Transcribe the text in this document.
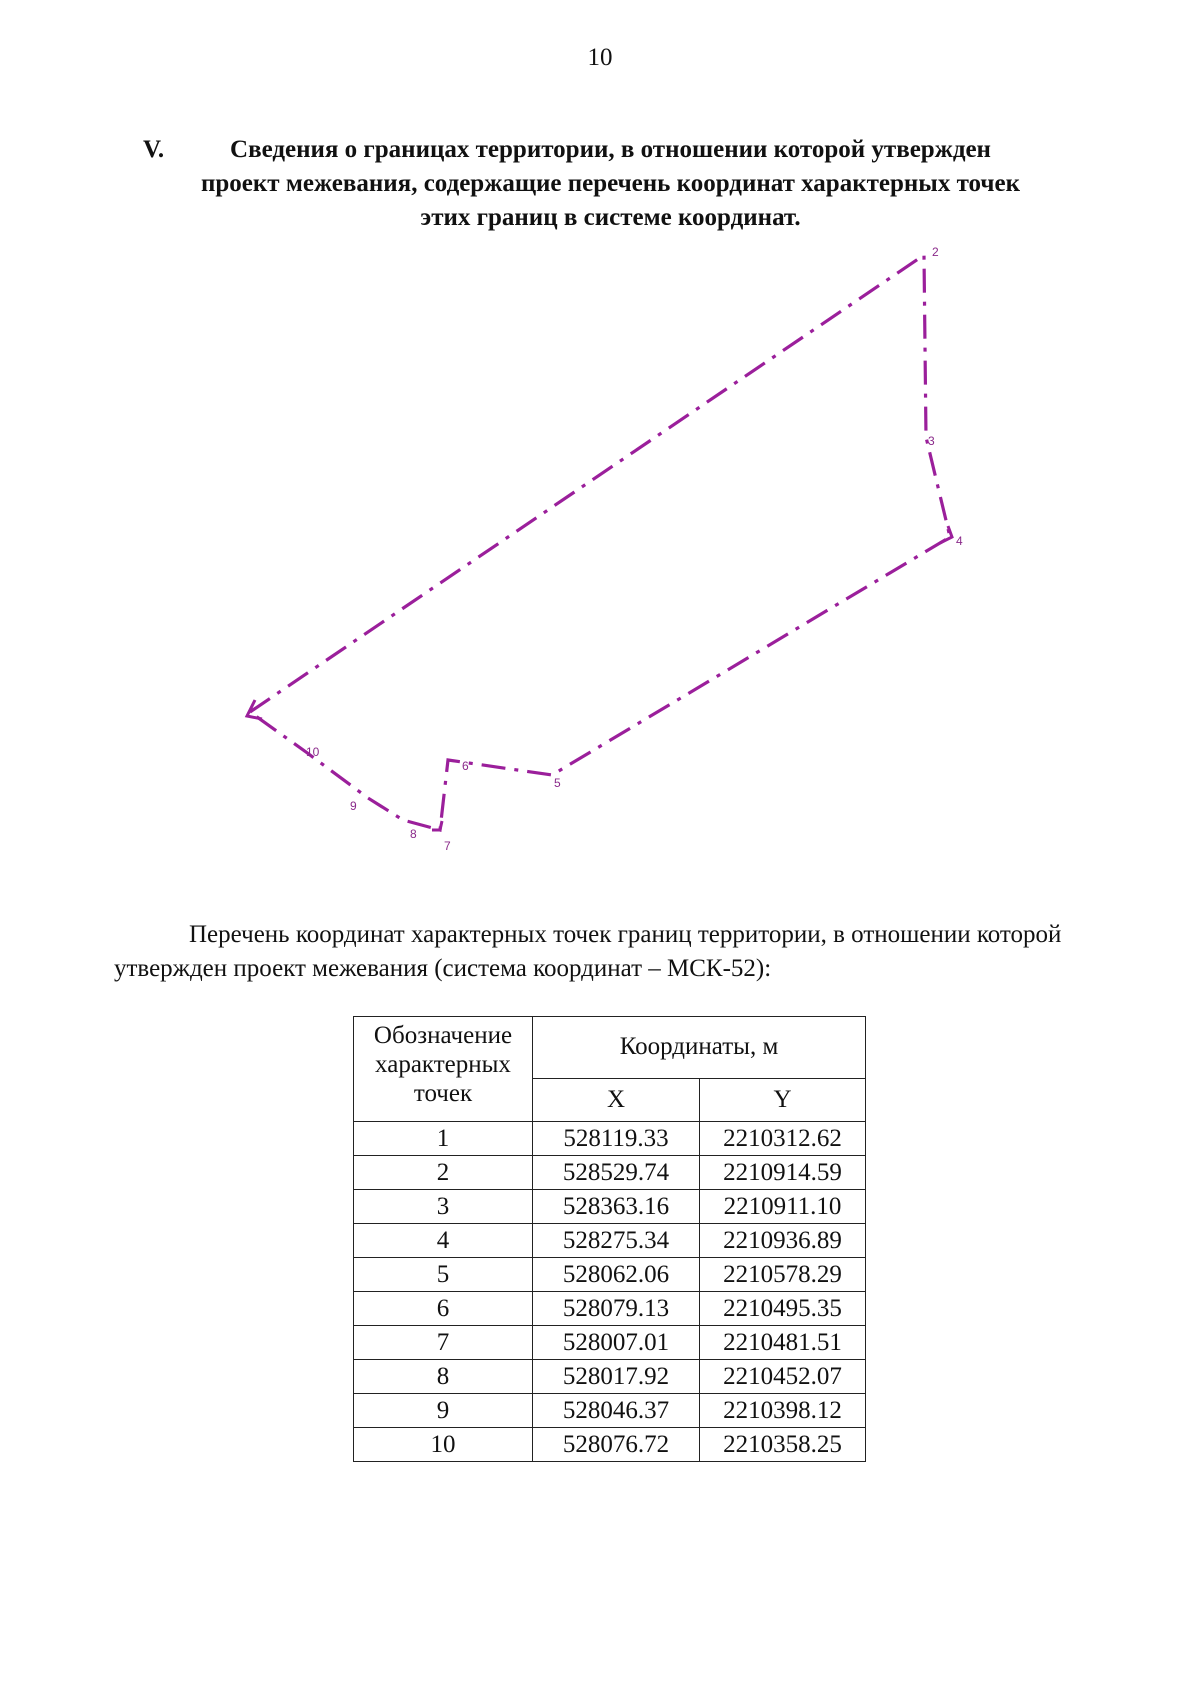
10
V.	Сведения о границах территории, в отношении которой утвержден
проект межевания, содержащие перечень координат характерных точек
этих границ в системе координат.
2
3
4
5
6
7
8
9
10

Перечень координат характерных точек границ территории, в отношении которой утвержден проект межевания (система координат – МСК-52):

Обозначение характерных точек	Координаты, м	
	X	Y
1	528119.33	2210312.62
2	528529.74	2210914.59
3	528363.16	2210911.10
4	528275.34	2210936.89
5	528062.06	2210578.29
6	528079.13	2210495.35
7	528007.01	2210481.51
8	528017.92	2210452.07
9	528046.37	2210398.12
10	528076.72	2210358.25
